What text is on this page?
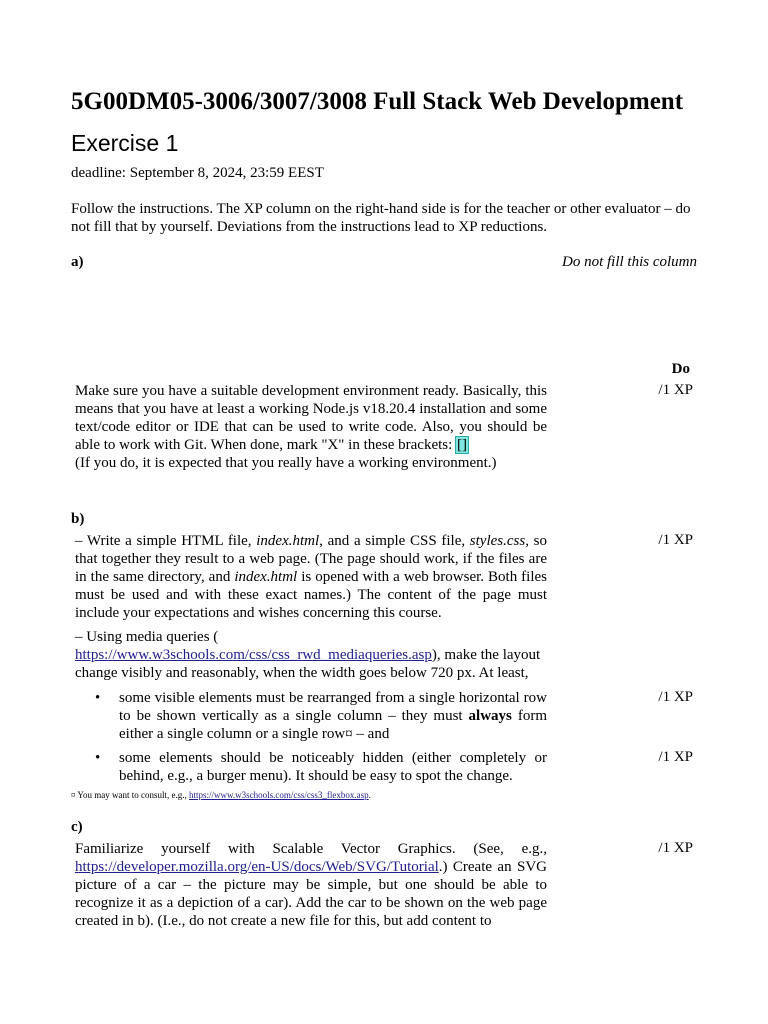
5G00DM05-3006/3007/3008 Full Stack Web Development
Exercise 1
deadline: September 8, 2024, 23:59 EEST
Follow the instructions. The XP column on the right-hand side is for the teacher or other evaluator – do not fill that by yourself. Deviations from the instructions lead to XP reductions.
a)	Do not fill this column
Do
/1 XP

Make sure you have a suitable development environment ready. Basically, this means that you have at least a working Node.js v18.20.4 installation and some text/code editor or IDE that can be used to write code. Also, you should be able to work with Git. When done, mark "X" in these brackets: []

(If you do, it is expected that you really have a working environment.)

b)
/1 XP

– Write a simple HTML file, index.html, and a simple CSS file, styles.css, so that together they result to a web page. (The page should work, if the files are in the same directory, and index.html is opened with a web browser. Both files must be used and with these exact names.) The content of the page must include your expectations and wishes concerning this course.

– Using media queries (
https://www.w3schools.com/css/css_rwd_mediaqueries.asp), make the layout change visibly and reasonably, when the width goes below 720 px. At least,

• some visible elements must be rearranged from a single horizontal row to be shown vertically as a single column – they must always form either a single column or a single row¤ – and
/1 XP
• some elements should be noticeably hidden (either completely or behind, e.g., a burger menu). It should be easy to spot the change.
/1 XP
¤ You may want to consult, e.g., https://www.w3schools.com/css/css3_flexbox.asp.
c)
/1 XP

Familiarize yourself with Scalable Vector Graphics. (See, e.g., https://developer.mozilla.org/en-US/docs/Web/SVG/Tutorial.) Create an SVG picture of a car – the picture may be simple, but one should be able to recognize it as a depiction of a car). Add the car to be shown on the web page created in b). (I.e., do not create a new file for this, but add content to
